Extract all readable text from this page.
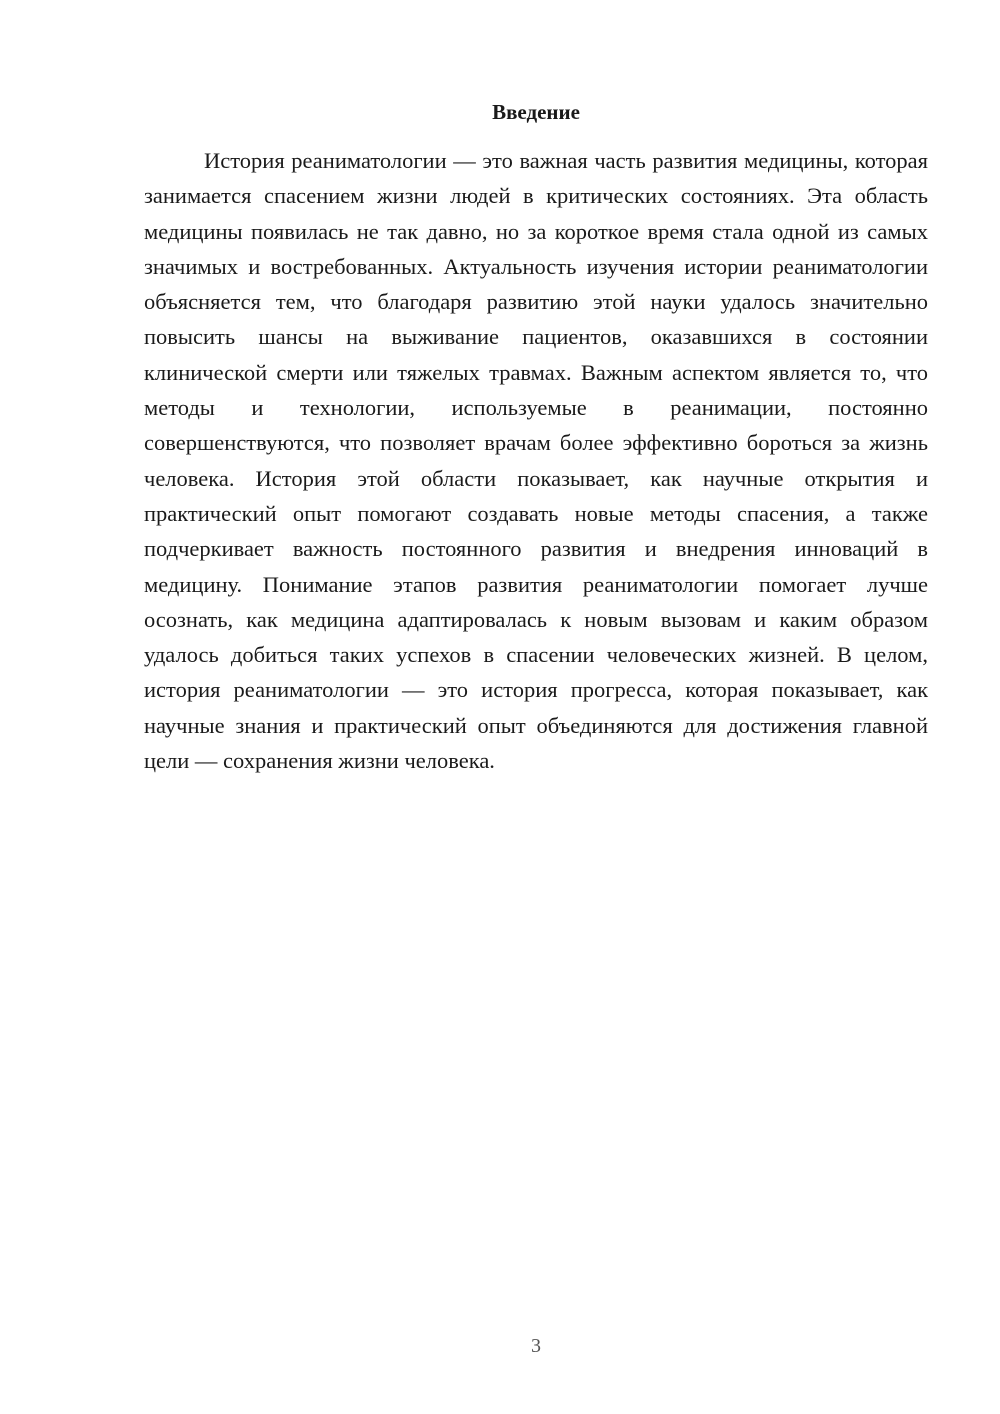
Введение

История реаниматологии — это важная часть развития медицины, которая занимается спасением жизни людей в критических состояниях. Эта область медицины появилась не так давно, но за короткое время стала одной из самых значимых и востребованных. Актуальность изучения истории реаниматологии объясняется тем, что благодаря развитию этой науки удалось значительно повысить шансы на выживание пациентов, оказавшихся в состоянии клинической смерти или тяжелых травмах. Важным аспектом является то, что методы и технологии, используемые в реанимации, постоянно совершенствуются, что позволяет врачам более эффективно бороться за жизнь человека. История этой области показывает, как научные открытия и практический опыт помогают создавать новые методы спасения, а также подчеркивает важность постоянного развития и внедрения инноваций в медицину. Понимание этапов развития реаниматологии помогает лучше осознать, как медицина адаптировалась к новым вызовам и каким образом удалось добиться таких успехов в спасении человеческих жизней. В целом, история реаниматологии — это история прогресса, которая показывает, как научные знания и практический опыт объединяются для достижения главной цели — сохранения жизни человека.

3
